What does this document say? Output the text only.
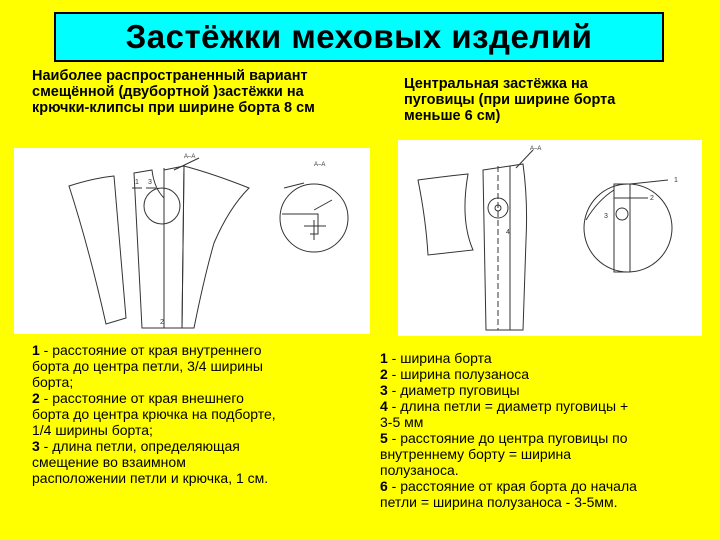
Застёжки меховых изделий
Наиболее распространенный вариант
смещённой (двубортной )застёжки на
крючки-клипсы при ширине борта 8 см
Центральная застёжка на
пуговицы (при ширине борта
меньше 6 см)
А–А
А–А
1 3
2
А–А
1
2
3
4
1 - расстояние от края внутреннего
борта до центра петли, 3/4 ширины
борта;
2 - расстояние от края внешнего
борта до центра крючка на подборте,
1/4 ширины борта;
3 - длина петли, определяющая
смещение во взаимном
расположении петли и крючка, 1 см.
1 - ширина борта
2 - ширина полузаноса
3 - диаметр пуговицы
4 - длина петли = диаметр пуговицы +
3-5 мм
5 - расстояние до центра пуговицы по
внутреннему борту = ширина
полузаноса.
6 - расстояние от края борта до начала
петли = ширина полузаноса - 3-5мм.
